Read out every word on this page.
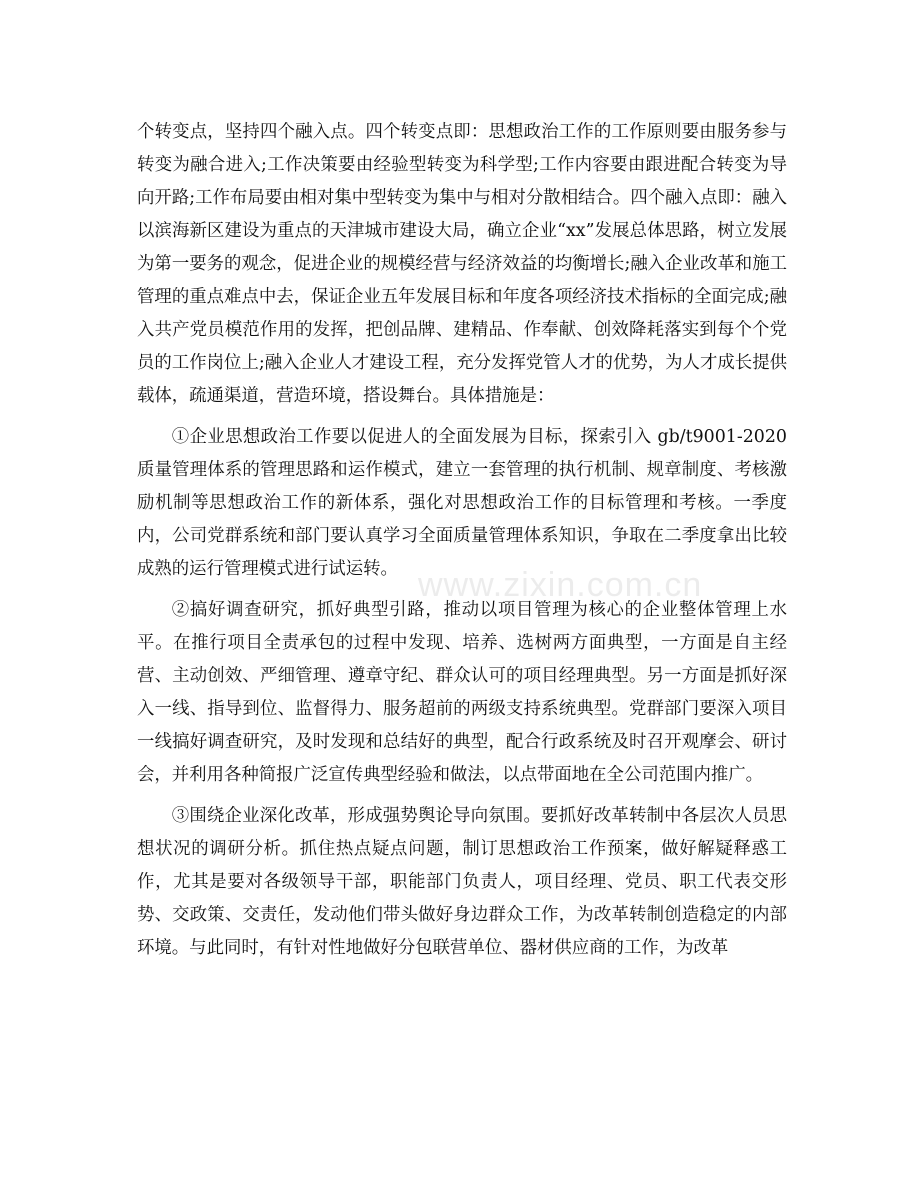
个转变点，坚持四个融入点。四个转变点即：思想政治工作的工作原则要由服务参与转变为融合进入;工作决策要由经验型转变为科学型;工作内容要由跟进配合转变为导向开路;工作布局要由相对集中型转变为集中与相对分散相结合。四个融入点即：融入以滨海新区建设为重点的天津城市建设大局，确立企业“xx”发展总体思路，树立发展为第一要务的观念，促进企业的规模经营与经济效益的均衡增长;融入企业改革和施工管理的重点难点中去，保证企业五年发展目标和年度各项经济技术指标的全面完成;融入共产党员模范作用的发挥，把创品牌、建精品、作奉献、创效降耗落实到每个个党员的工作岗位上;融入企业人才建设工程，充分发挥党管人才的优势，为人才成长提供载体，疏通渠道，营造环境，搭设舞台。具体措施是：

①企业思想政治工作要以促进人的全面发展为目标，探索引入 gb/t9001-2020 质量管理体系的管理思路和运作模式，建立一套管理的执行机制、规章制度、考核激励机制等思想政治工作的新体系，强化对思想政治工作的目标管理和考核。一季度内，公司党群系统和部门要认真学习全面质量管理体系知识，争取在二季度拿出比较成熟的运行管理模式进行试运转。

②搞好调查研究，抓好典型引路，推动以项目管理为核心的企业整体管理上水平。在推行项目全责承包的过程中发现、培养、选树两方面典型，一方面是自主经营、主动创效、严细管理、遵章守纪、群众认可的项目经理典型。另一方面是抓好深入一线、指导到位、监督得力、服务超前的两级支持系统典型。党群部门要深入项目一线搞好调查研究，及时发现和总结好的典型，配合行政系统及时召开观摩会、研讨会，并利用各种简报广泛宣传典型经验和做法，以点带面地在全公司范围内推广。

③围绕企业深化改革，形成强势舆论导向氛围。要抓好改革转制中各层次人员思想状况的调研分析。抓住热点疑点问题，制订思想政治工作预案，做好解疑释惑工作，尤其是要对各级领导干部，职能部门负责人，项目经理、党员、职工代表交形势、交政策、交责任，发动他们带头做好身边群众工作，为改革转制创造稳定的内部环境。与此同时，有针对性地做好分包联营单位、器材供应商的工作，为改革

www.zixin.com.cn
